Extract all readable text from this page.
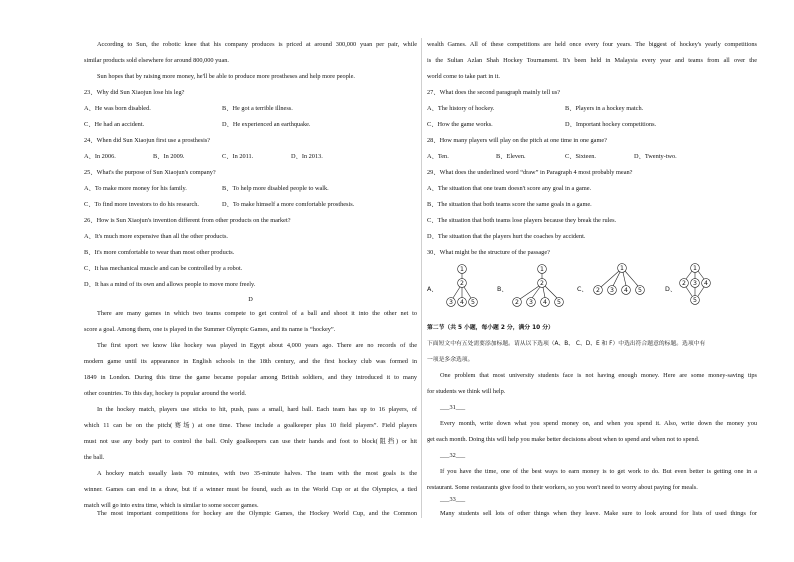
According to Sun, the robotic knee that his company produces is priced at around 300,000 yuan per pair, while
similar products sold elsewhere for around 800,000 yuan.
Sun hopes that by raising more money, he'll be able to produce more prostheses and help more people.
23、Why did Sun Xiaojun lose his leg?
A、He was born disabled.	B、He got a terrible illness.
C、He had an accident.	D、He experienced an earthquake.
24、When did Sun Xiaojun first use a prosthesis?
A、In 2006.	B、In 2009.	C、In 2011.	D、In 2013.
25、What's the purpose of Sun Xiaojun's company?
A、To make more money for his family.	B、To help more disabled people to walk.
C、To find more investors to do his research.	D、To make himself a more comfortable prosthesis.
26、How is Sun Xiaojun's invention different from other products on the market?
A、It's much more expensive than all the other products.
B、It's more comfortable to wear than most other products.
C、It has mechanical muscle and can be controlled by a robot.
D、It has a mind of its own and allows people to move more freely.
D
There are many games in which two teams compete to get control of a ball and shoot it into the other net to
score a goal. Among them, one is played in the Summer Olympic Games, and its name is “hockey”.
The first sport we know like hockey was played in Egypt about 4,000 years ago. There are no records of the
modern game until its appearance in English schools in the 18th century, and the first hockey club was formed in
1849 in London. During this time the game became popular among British soldiers, and they introduced it to many
other countries. To this day, hockey is popular around the world.
In the hockey match, players use sticks to hit, push, pass a small, hard ball. Each team has up to 16 players, of
which 11 can be on the pitch(赛场) at one time. These include a goalkeeper plus 10 field players”. Field players
must not use any body part to control the ball. Only goalkeepers can use their hands and foot to block(阻挡) or hit
the ball.
A hockey match usually lasts 70 minutes, with two 35-minute halves. The team with the most goals is the
winner. Games can end in a draw, but if a winner must be found, such as in the World Cup or at the Olympics, a tied
match will go into extra time, which is similar to some soccer games.
The most important competitions for hockey are the Olympic Games, the Hockey World Cup, and the Common
wealth Games. All of these competitions are held once every four years. The biggest of hockey's yearly competitions
is the Sultan Azlan Shah Hockey Tournament. It's been held in Malaysia every year and teams from all over the
world come to take part in it.
27、What does the second paragraph mainly tell us?
A、The history of hockey.	B、Players in a hockey match.
C、How the game works.	D、Important hockey competitions.
28、How many players will play on the pitch at one time in one game?
A、Ten.	B、Eleven.	C、Sixteen.	D、Twenty-two.
29、What does the underlined word “draw” in Paragraph 4 most probably mean?
A、The situation that one team doesn't score any goal in a game.
B、The situation that both teams score the same goals in a game.
C、The situation that both teams lose players because they break the rules.
D、The situation that the players hurt the coaches by accident.
30、What might be the structure of the passage?
1
2
3 4 5
1
2
2 3 4 5
1
2 3 4 5
1
2 3 4
5
A、	B、	C、	D、
第二节（共 5 小题，每小题 2 分，满分 10 分）
下面短文中有五处需要添加标题。请从以下选项（A、B、 C、D、E 和 F）中选出符合题意的标题。选项中有
一项是多余选项。
One problem that most university students face is not having enough money. Here are some money-saving tips
for students we think will help.
___31___
Every month, write down what you spend money on, and when you spend it. Also, write down the money you
get each month. Doing this will help you make better decisions about when to spend and when not to spend.
___32___
If you have the time, one of the best ways to earn money is to get work to do. But even better is getting one in a
restaurant. Some restaurants give food to their workers, so you won't need to worry about paying for meals.
___33___
Many students sell lots of other things when they leave. Make sure to look around for lists of used things for
